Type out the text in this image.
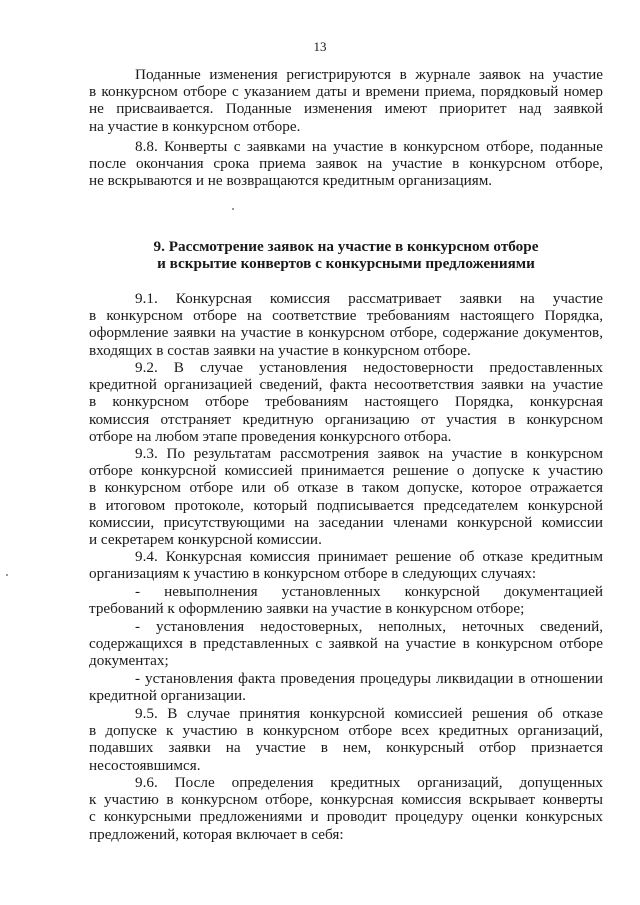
13
Поданные изменения регистрируются в журнале заявок на участие
в конкурсном отборе с указанием даты и времени приема, порядковый номер
не присваивается. Поданные изменения имеют приоритет над заявкой
на участие в конкурсном отборе.
8.8. Конверты с заявками на участие в конкурсном отборе, поданные
после окончания срока приема заявок на участие в конкурсном отборе,
не вскрываются и не возвращаются кредитным организациям.
9. Рассмотрение заявок на участие в конкурсном отборе
и вскрытие конвертов с конкурсными предложениями
9.1. Конкурсная комиссия рассматривает заявки на участие
в конкурсном отборе на соответствие требованиям настоящего Порядка,
оформление заявки на участие в конкурсном отборе, содержание документов,
входящих в состав заявки на участие в конкурсном отборе.
9.2. В случае установления недостоверности предоставленных
кредитной организацией сведений, факта несоответствия заявки на участие
в конкурсном отборе требованиям настоящего Порядка, конкурсная
комиссия отстраняет кредитную организацию от участия в конкурсном
отборе на любом этапе проведения конкурсного отбора.
9.3. По результатам рассмотрения заявок на участие в конкурсном
отборе конкурсной комиссией принимается решение о допуске к участию
в конкурсном отборе или об отказе в таком допуске, которое отражается
в итоговом протоколе, который подписывается председателем конкурсной
комиссии, присутствующими на заседании членами конкурсной комиссии
и секретарем конкурсной комиссии.
9.4. Конкурсная комиссия принимает решение об отказе кредитным
организациям к участию в конкурсном отборе в следующих случаях:
- невыполнения установленных конкурсной документацией
требований к оформлению заявки на участие в конкурсном отборе;
- установления недостоверных, неполных, неточных сведений,
содержащихся в представленных с заявкой на участие в конкурсном отборе
документах;
- установления факта проведения процедуры ликвидации в отношении
кредитной организации.
9.5. В случае принятия конкурсной комиссией решения об отказе
в допуске к участию в конкурсном отборе всех кредитных организаций,
подавших заявки на участие в нем, конкурсный отбор признается
несостоявшимся.
9.6. После определения кредитных организаций, допущенных
к участию в конкурсном отборе, конкурсная комиссия вскрывает конверты
с конкурсными предложениями и проводит процедуру оценки конкурсных
предложений, которая включает в себя:
